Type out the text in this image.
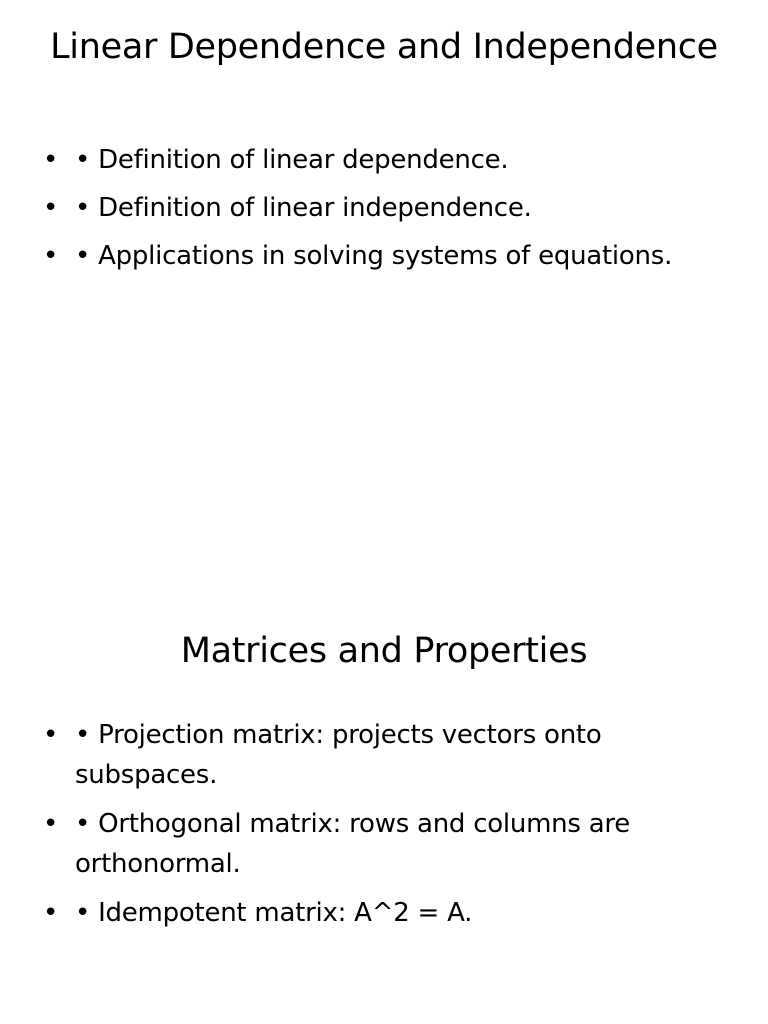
Linear Dependence and Independence
• • Definition of linear dependence.
• • Definition of linear independence.
• • Applications in solving systems of equations.
Matrices and Properties
• • Projection matrix: projects vectors onto subspaces.
• • Orthogonal matrix: rows and columns are orthonormal.
• • Idempotent matrix: A^2 = A.
